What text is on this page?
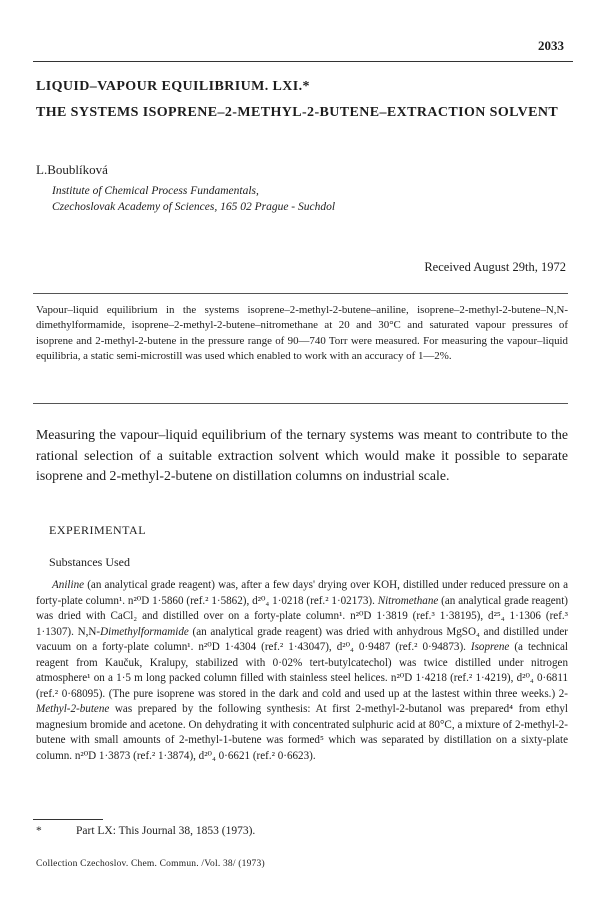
2033
LIQUID–VAPOUR EQUILIBRIUM. LXI.*
THE SYSTEMS ISOPRENE–2-METHYL-2-BUTENE–EXTRACTION SOLVENT
L.Boublíková
Institute of Chemical Process Fundamentals,
Czechoslovak Academy of Sciences, 165 02 Prague - Suchdol
Received August 29th, 1972
Vapour–liquid equilibrium in the systems isoprene–2-methyl-2-butene–aniline, isoprene–2-methyl-2-butene–N,N-dimethylformamide, isoprene–2-methyl-2-butene–nitromethane at 20 and 30°C and saturated vapour pressures of isoprene and 2-methyl-2-butene in the pressure range of 90—740 Torr were measured. For measuring the vapour–liquid equilibria, a static semi-microstill was used which enabled to work with an accuracy of 1—2%.
Measuring the vapour–liquid equilibrium of the ternary systems was meant to contribute to the rational selection of a suitable extraction solvent which would make it possible to separate isoprene and 2-methyl-2-butene on distillation columns on industrial scale.
EXPERIMENTAL
Substances Used

Aniline (an analytical grade reagent) was, after a few days' drying over KOH, distilled under reduced pressure on a forty-plate column¹. n²⁰D 1·5860 (ref.² 1·5862), d²⁰₄ 1·0218 (ref.² 1·02173). Nitromethane (an analytical grade reagent) was dried with CaCl₂ and distilled over on a forty-plate column¹. n²⁰D 1·3819 (ref.³ 1·38195), d²⁵₄ 1·1306 (ref.³ 1·1307). N,N-Dimethylformamide (an analytical grade reagent) was dried with anhydrous MgSO₄ and distilled under vacuum on a forty-plate column¹. n²⁰D 1·4304 (ref.² 1·43047), d²⁰₄ 0·9487 (ref.² 0·94873). Isoprene (a technical reagent from Kaučuk, Kralupy, stabilized with 0·02% tert-butylcatechol) was twice distilled under nitrogen atmosphere¹ on a 1·5 m long packed column filled with stainless steel helices. n²⁰D 1·4218 (ref.² 1·4219), d²⁰₄ 0·6811 (ref.² 0·68095). (The pure isoprene was stored in the dark and cold and used up at the lastest within three weeks.) 2-Methyl-2-butene was prepared by the following synthesis: At first 2-methyl-2-butanol was prepared⁴ from ethyl magnesium bromide and acetone. On dehydrating it with concentrated sulphuric acid at 80°C, a mixture of 2-methyl-2-butene with small amounts of 2-methyl-1-butene was formed⁵ which was separated by distillation on a sixty-plate column. n²⁰D 1·3873 (ref.² 1·3874), d²⁰₄ 0·6621 (ref.² 0·6623).

*	Part LX: This Journal 38, 1853 (1973).
Collection Czechoslov. Chem. Commun. /Vol. 38/ (1973)
